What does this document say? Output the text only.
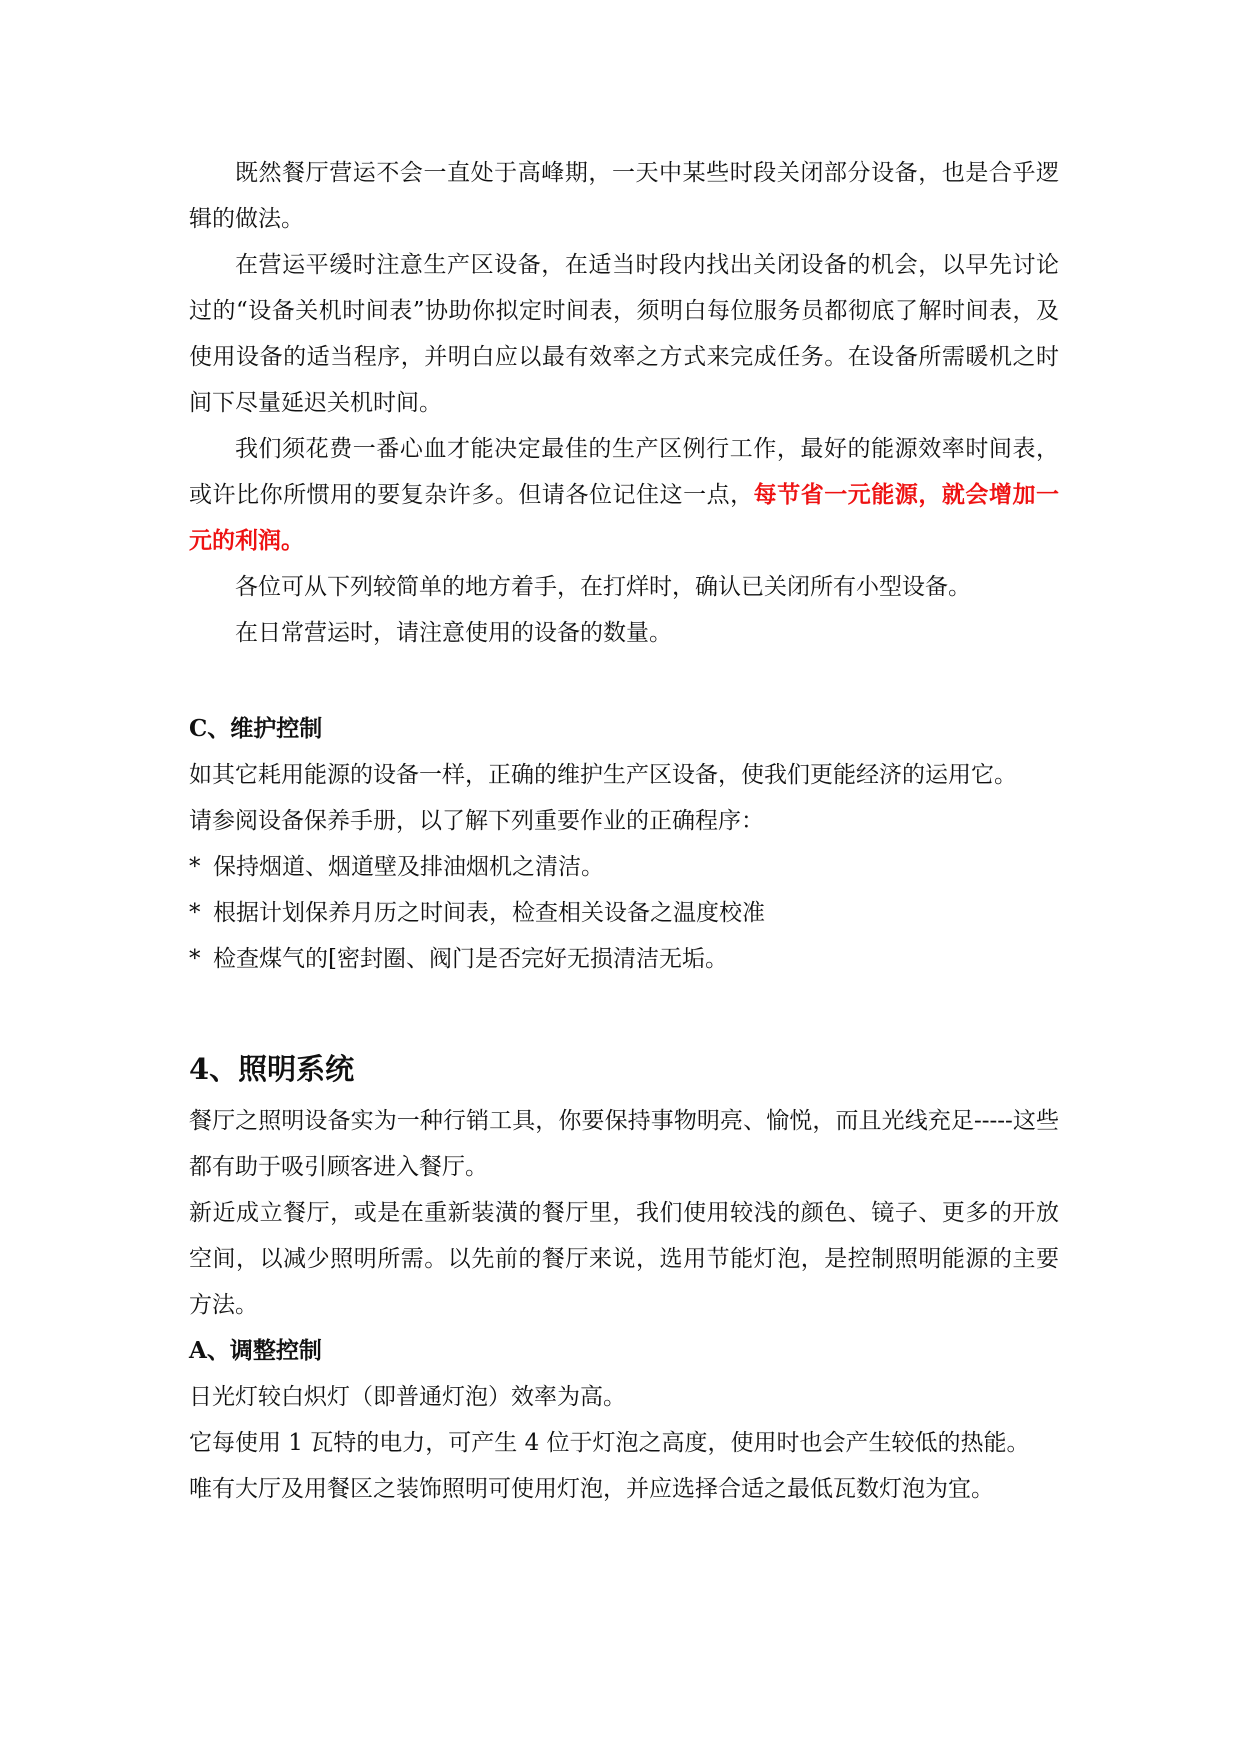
既然餐厅营运不会一直处于高峰期，一天中某些时段关闭部分设备，也是合乎逻辑的做法。

在营运平缓时注意生产区设备，在适当时段内找出关闭设备的机会，以早先讨论过的“设备关机时间表”协助你拟定时间表，须明白每位服务员都彻底了解时间表，及使用设备的适当程序，并明白应以最有效率之方式来完成任务。在设备所需暖机之时间下尽量延迟关机时间。

我们须花费一番心血才能决定最佳的生产区例行工作，最好的能源效率时间表，或许比你所惯用的要复杂许多。但请各位记住这一点，每节省一元能源，就会增加一元的利润。

各位可从下列较简单的地方着手，在打烊时，确认已关闭所有小型设备。

在日常营运时，请注意使用的设备的数量。

C、维护控制

如其它耗用能源的设备一样，正确的维护生产区设备，使我们更能经济的运用它。

请参阅设备保养手册，以了解下列重要作业的正确程序：

* 保持烟道、烟道壁及排油烟机之清洁。
* 根据计划保养月历之时间表，检查相关设备之温度校准
* 检查煤气的[密封圈、阀门是否完好无损清洁无垢。
4、照明系统

餐厅之照明设备实为一种行销工具，你要保持事物明亮、愉悦，而且光线充足-----这些都有助于吸引顾客进入餐厅。

新近成立餐厅，或是在重新装潢的餐厅里，我们使用较浅的颜色、镜子、更多的开放空间，以减少照明所需。以先前的餐厅来说，选用节能灯泡，是控制照明能源的主要方法。

A、调整控制

日光灯较白炽灯（即普通灯泡）效率为高。

它每使用 1 瓦特的电力，可产生 4 位于灯泡之高度，使用时也会产生较低的热能。

唯有大厅及用餐区之装饰照明可使用灯泡，并应选择合适之最低瓦数灯泡为宜。
